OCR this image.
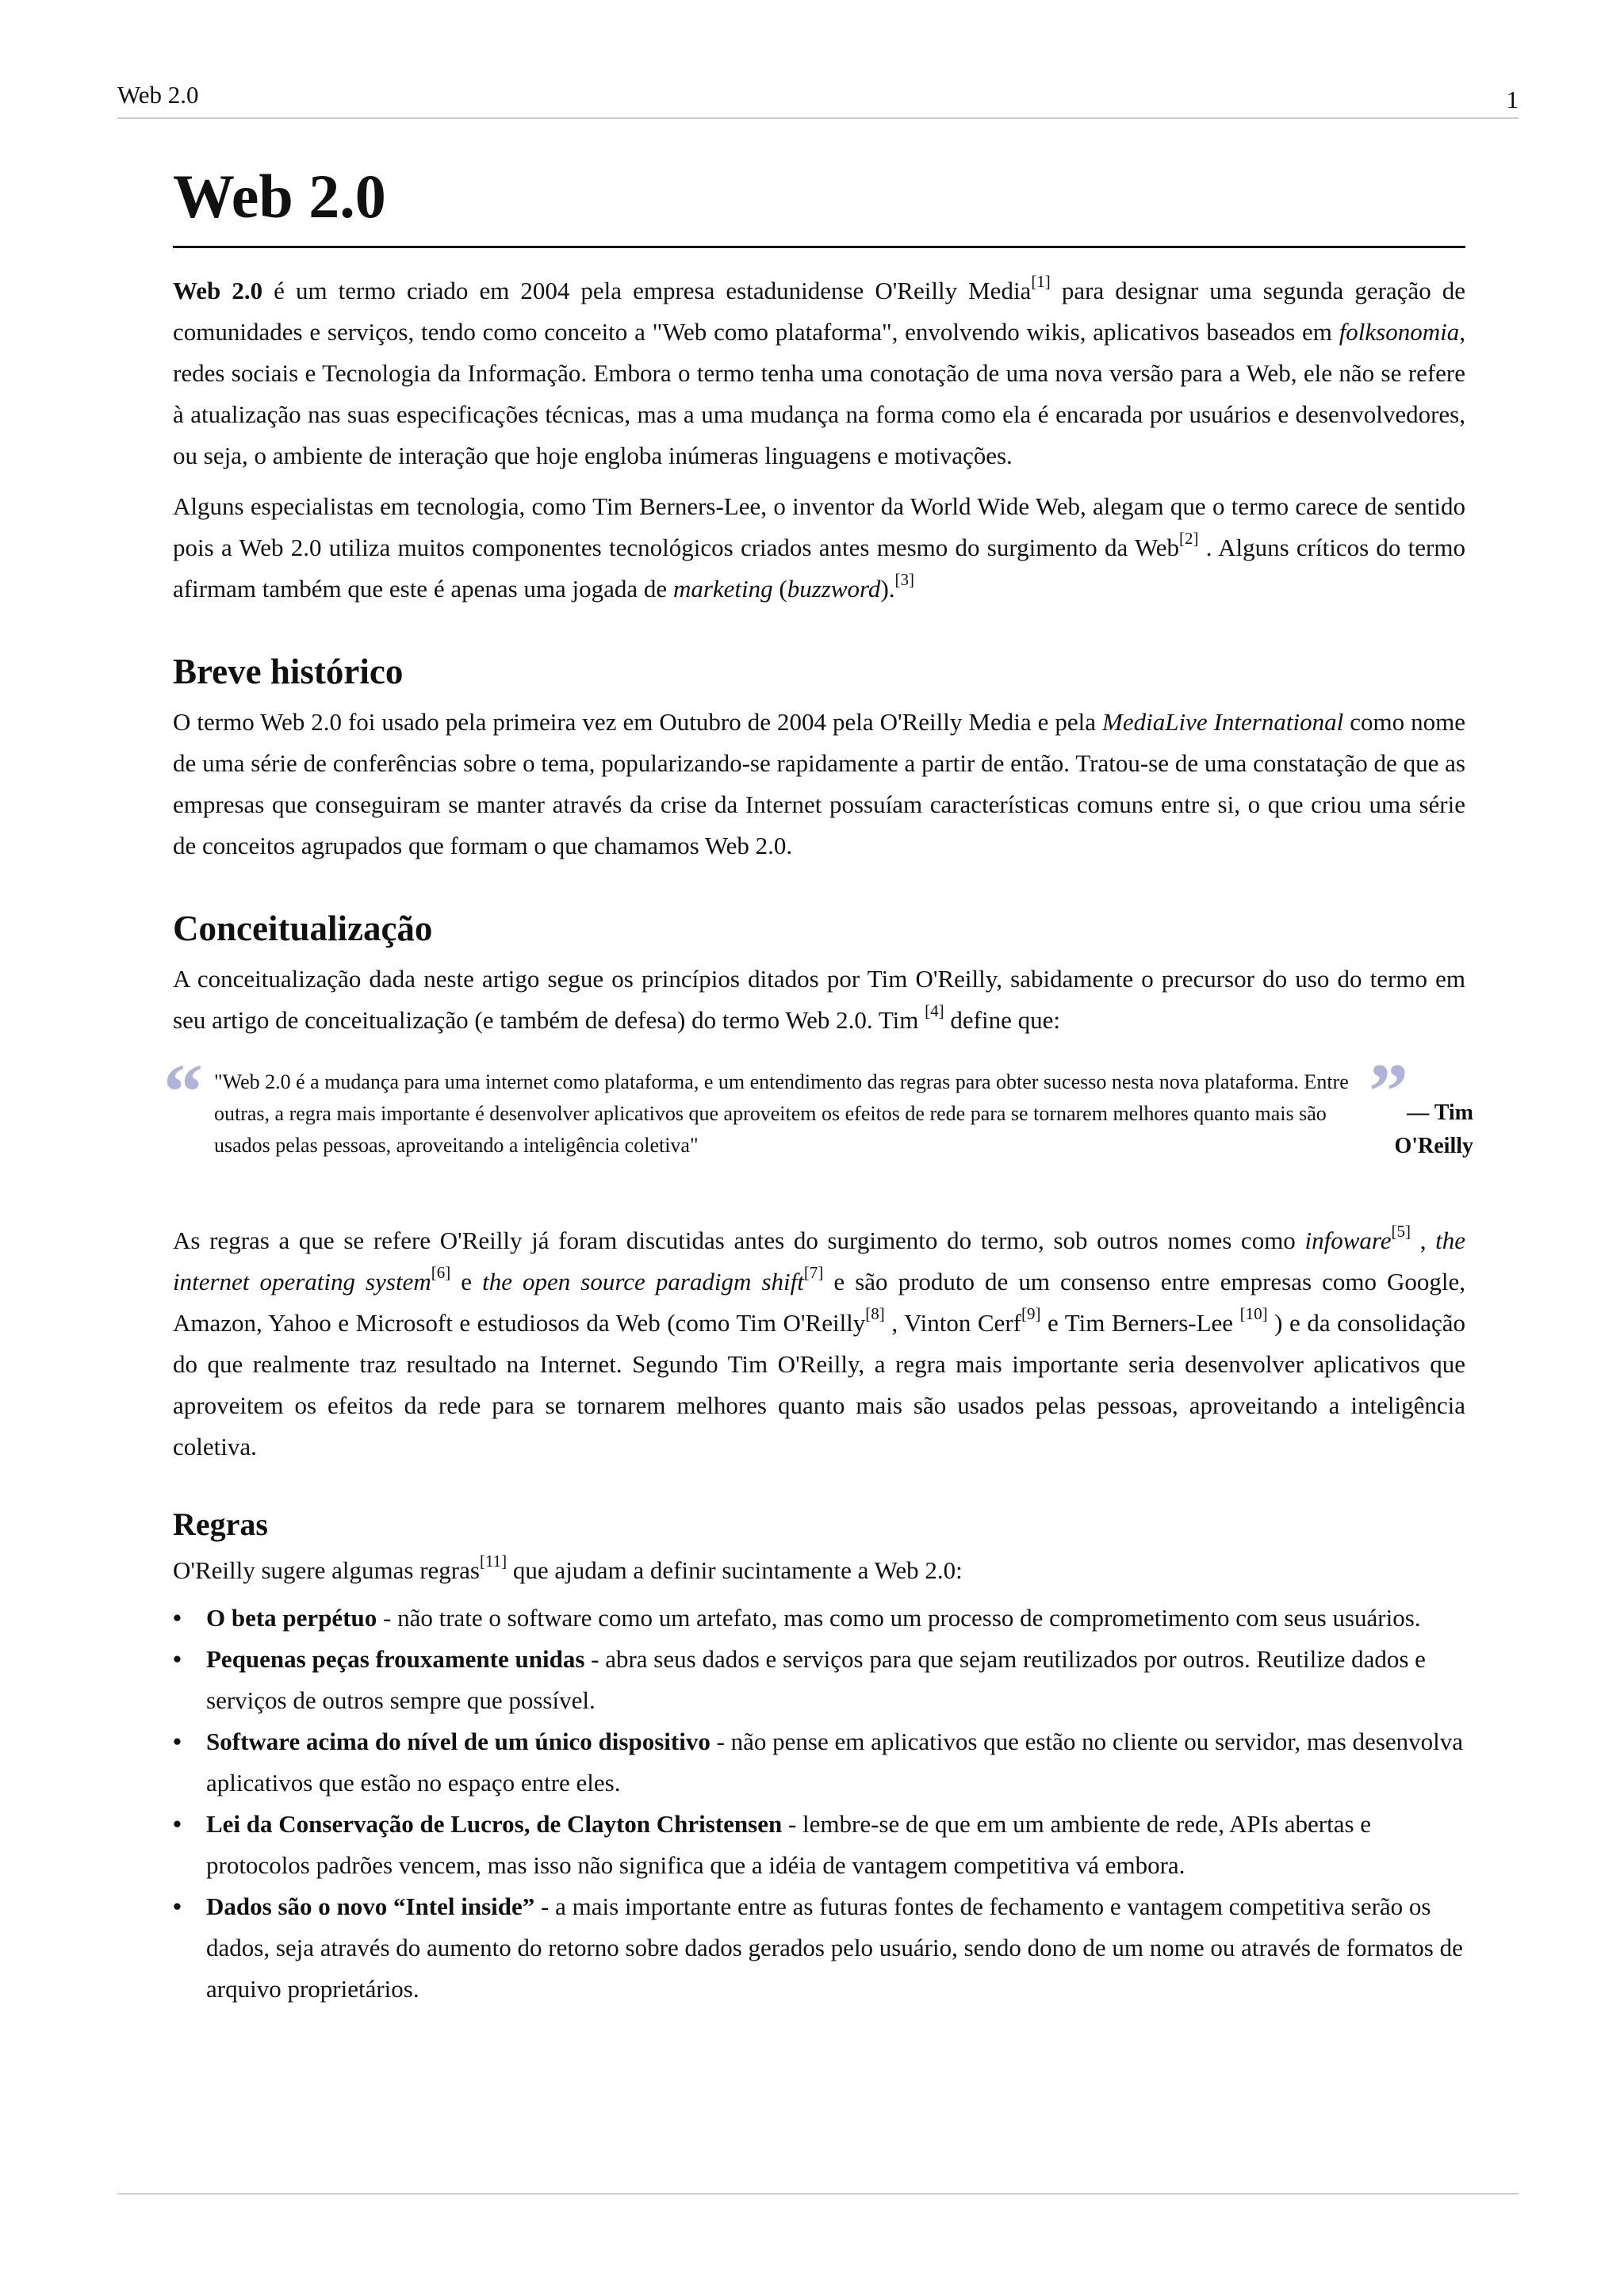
Web 2.0	1
Web 2.0

Web 2.0 é um termo criado em 2004 pela empresa estadunidense O'Reilly Media[1] para designar uma segunda geração de comunidades e serviços, tendo como conceito a "Web como plataforma", envolvendo wikis, aplicativos baseados em folksonomia, redes sociais e Tecnologia da Informação. Embora o termo tenha uma conotação de uma nova versão para a Web, ele não se refere à atualização nas suas especificações técnicas, mas a uma mudança na forma como ela é encarada por usuários e desenvolvedores, ou seja, o ambiente de interação que hoje engloba inúmeras linguagens e motivações.

Alguns especialistas em tecnologia, como Tim Berners-Lee, o inventor da World Wide Web, alegam que o termo carece de sentido pois a Web 2.0 utiliza muitos componentes tecnológicos criados antes mesmo do surgimento da Web[2] . Alguns críticos do termo afirmam também que este é apenas uma jogada de marketing (buzzword).[3]

Breve histórico

O termo Web 2.0 foi usado pela primeira vez em Outubro de 2004 pela O'Reilly Media e pela MediaLive International como nome de uma série de conferências sobre o tema, popularizando-se rapidamente a partir de então. Tratou-se de uma constatação de que as empresas que conseguiram se manter através da crise da Internet possuíam características comuns entre si, o que criou uma série de conceitos agrupados que formam o que chamamos Web 2.0.

Conceitualização

A conceitualização dada neste artigo segue os princípios ditados por Tim O'Reilly, sabidamente o precursor do uso do termo em seu artigo de conceitualização (e também de defesa) do termo Web 2.0. Tim [4] define que:

“ "Web 2.0 é a mudança para uma internet como plataforma, e um entendimento das regras para obter sucesso nesta nova plataforma. Entre outras, a regra mais importante é desenvolver aplicativos que aproveitem os efeitos de rede para se tornarem melhores quanto mais são usados pelas pessoas, aproveitando a inteligência coletiva"
”
— Tim O'Reilly

As regras a que se refere O'Reilly já foram discutidas antes do surgimento do termo, sob outros nomes como infoware[5] , the internet operating system[6] e the open source paradigm shift[7] e são produto de um consenso entre empresas como Google, Amazon, Yahoo e Microsoft e estudiosos da Web (como Tim O'Reilly[8] , Vinton Cerf[9] e Tim Berners-Lee [10] ) e da consolidação do que realmente traz resultado na Internet. Segundo Tim O'Reilly, a regra mais importante seria desenvolver aplicativos que aproveitem os efeitos da rede para se tornarem melhores quanto mais são usados pelas pessoas, aproveitando a inteligência coletiva.

Regras

O'Reilly sugere algumas regras[11] que ajudam a definir sucintamente a Web 2.0:

• O beta perpétuo - não trate o software como um artefato, mas como um processo de comprometimento com seus usuários.
• Pequenas peças frouxamente unidas - abra seus dados e serviços para que sejam reutilizados por outros. Reutilize dados e serviços de outros sempre que possível.
• Software acima do nível de um único dispositivo - não pense em aplicativos que estão no cliente ou servidor, mas desenvolva aplicativos que estão no espaço entre eles.
• Lei da Conservação de Lucros, de Clayton Christensen - lembre-se de que em um ambiente de rede, APIs abertas e protocolos padrões vencem, mas isso não significa que a idéia de vantagem competitiva vá embora.
• Dados são o novo “Intel inside” - a mais importante entre as futuras fontes de fechamento e vantagem competitiva serão os dados, seja através do aumento do retorno sobre dados gerados pelo usuário, sendo dono de um nome ou através de formatos de arquivo proprietários.
